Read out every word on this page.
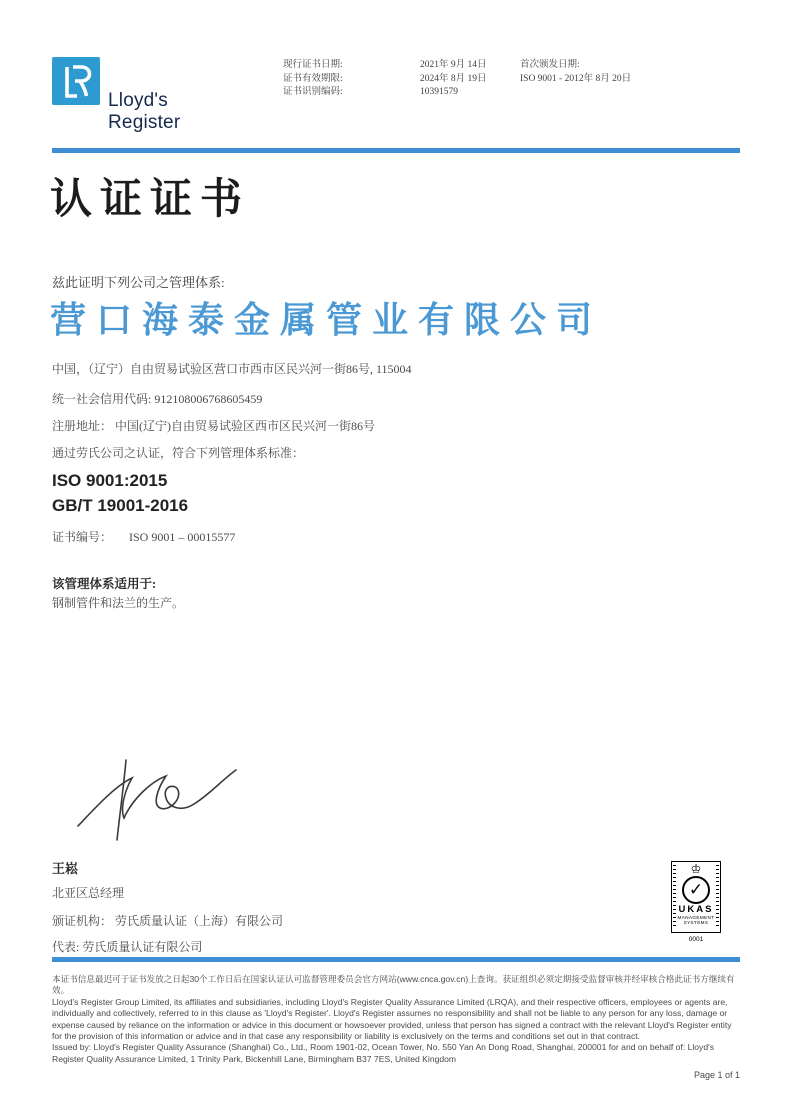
Lloyd's
Register
现行证书日期:	2021年 9月 14日
证书有效期限:	2024年 8月 19日
证书识别编码:	10391579
首次颁发日期:
ISO 9001 - 2012年 8月 20日
认证证书
兹此证明下列公司之管理体系:
营口海泰金属管业有限公司
中国，（辽宁）自由贸易试验区营口市西市区民兴河一街86号, 115004
统一社会信用代码: 912108006768605459
注册地址： 中国(辽宁)自由贸易试验区西市区民兴河一街86号
通过劳氏公司之认证，符合下列管理体系标准：
ISO 9001:2015
GB/T 19001-2016
证书编号： ISO 9001 – 00015577
该管理体系适用于:
钢制管件和法兰的生产。
王崧
北亚区总经理
颁证机构： 劳氏质量认证（上海）有限公司
代表: 劳氏质量认证有限公司
♔
✓
UKAS
MANAGEMENT
SYSTEMS
0001

本证书信息最迟可于证书发放之日起30个工作日后在国家认证认可监督管理委员会官方网站(www.cnca.gov.cn)上查询。获证组织必须定期接受监督审核并经审核合格此证书方继续有效。

Lloyd's Register Group Limited, its affiliates and subsidiaries, including Lloyd's Register Quality Assurance Limited (LRQA), and their respective officers, employees or agents are, individually and collectively, referred to in this clause as 'Lloyd's Register'. Lloyd's Register assumes no responsibility and shall not be liable to any person for any loss, damage or expense caused by reliance on the information or advice in this document or howsoever provided, unless that person has signed a contract with the relevant Lloyd's Register entity for the provision of this information or advice and in that case any responsibility or liability is exclusively on the terms and conditions set out in that contract.

Issued by: Lloyd's Register Quality Assurance (Shanghai) Co., Ltd., Room 1901-02, Ocean Tower, No. 550 Yan An Dong Road, Shanghai, 200001 for and on behalf of: Lloyd's Register Quality Assurance Limited, 1 Trinity Park, Bickenhill Lane, Birmingham B37 7ES, United Kingdom

Page 1 of 1
